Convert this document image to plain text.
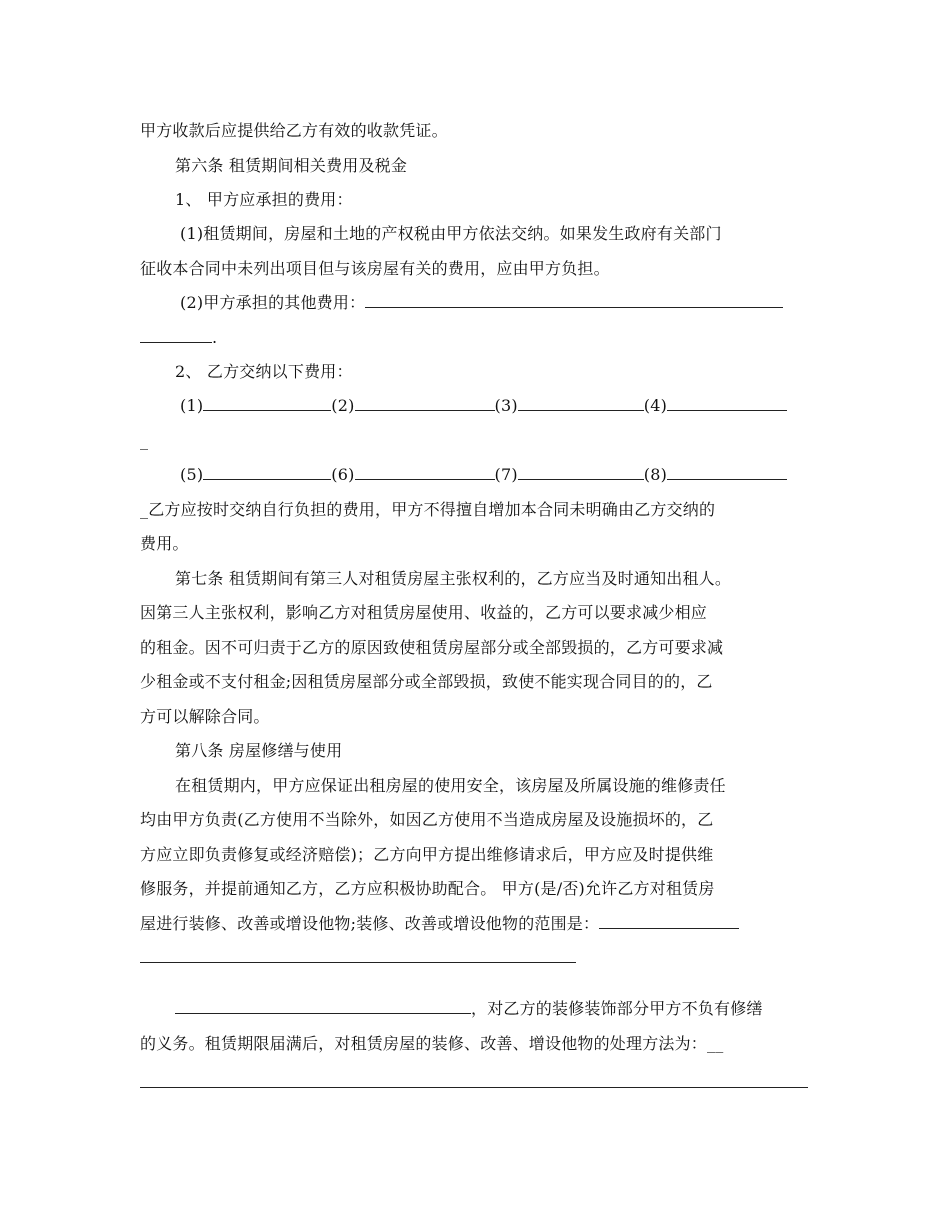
甲方收款后应提供给乙方有效的收款凭证。
第六条 租赁期间相关费用及税金
1、 甲方应承担的费用：
(1)租赁期间，房屋和土地的产权税由甲方依法交纳。如果发生政府有关部门
征收本合同中未列出项目但与该房屋有关的费用，应由甲方负担。
(2)甲方承担的其他费用：
.
2、 乙方交纳以下费用：
(1)	(2)	(3)	(4)
_
(5)	(6)	(7)	(8)
_乙方应按时交纳自行负担的费用，甲方不得擅自增加本合同未明确由乙方交纳的
费用。
第七条 租赁期间有第三人对租赁房屋主张权利的，乙方应当及时通知出租人。
因第三人主张权利，影响乙方对租赁房屋使用、收益的，乙方可以要求减少相应
的租金。因不可归责于乙方的原因致使租赁房屋部分或全部毁损的，乙方可要求减
少租金或不支付租金;因租赁房屋部分或全部毁损，致使不能实现合同目的的，乙
方可以解除合同。
第八条 房屋修缮与使用
在租赁期内，甲方应保证出租房屋的使用安全，该房屋及所属设施的维修责任
均由甲方负责(乙方使用不当除外，如因乙方使用不当造成房屋及设施损坏的，乙
方应立即负责修复或经济赔偿)；乙方向甲方提出维修请求后，甲方应及时提供维
修服务，并提前通知乙方，乙方应积极协助配合。 甲方(是/否)允许乙方对租赁房
屋进行装修、改善或增设他物;装修、改善或增设他物的范围是：
，对乙方的装修装饰部分甲方不负有修缮
的义务。租赁期限届满后，对租赁房屋的装修、改善、增设他物的处理方法为：__
